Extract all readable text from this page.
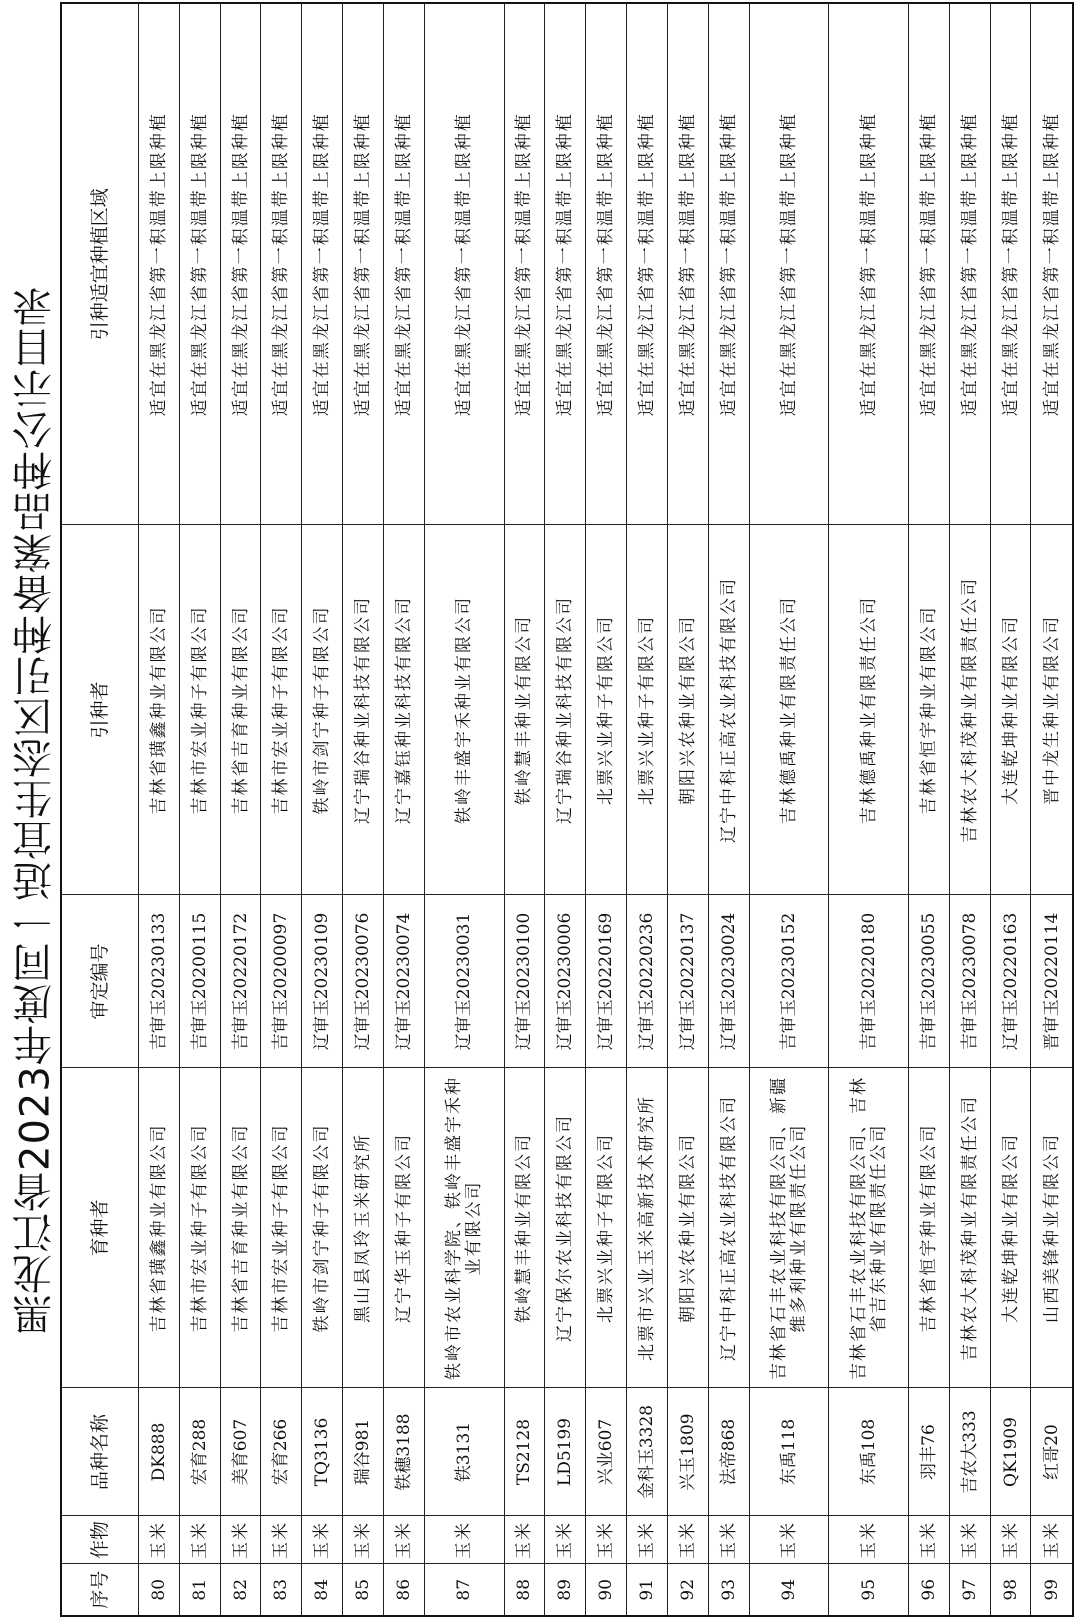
黑龙江省2023年度同一适宜生态区引种备案品种公示目录
序号	作物	品种名称	育种者	审定编号	引种者	引种适宜种植区域
80	玉米	DK888	吉林省璜鑫种业有限公司	吉审玉20230133	吉林省璜鑫种业有限公司	适宜在黑龙江省第一积温带上限种植
81	玉米	宏育288	吉林市宏业种子有限公司	吉审玉20200115	吉林市宏业种子有限公司	适宜在黑龙江省第一积温带上限种植
82	玉米	美育607	吉林省吉育种业有限公司	吉审玉20220172	吉林省吉育种业有限公司	适宜在黑龙江省第一积温带上限种植
83	玉米	宏育266	吉林市宏业种子有限公司	吉审玉20200097	吉林市宏业种子有限公司	适宜在黑龙江省第一积温带上限种植
84	玉米	TQ3136	铁岭市剑宁种子有限公司	辽审玉20230109	铁岭市剑宁种子有限公司	适宜在黑龙江省第一积温带上限种植
85	玉米	瑞谷981	黑山县凤玲玉米研究所	辽审玉20230076	辽宁瑞谷种业科技有限公司	适宜在黑龙江省第一积温带上限种植
86	玉米	铁穗3188	辽宁华玉种子有限公司	辽审玉20230074	辽宁嘉钰种业科技有限公司	适宜在黑龙江省第一积温带上限种植
87	玉米	铁3131	铁岭市农业科学院、铁岭丰盛宇禾种业有限公司	辽审玉20230031	铁岭丰盛宇禾种业有限公司	适宜在黑龙江省第一积温带上限种植
88	玉米	TS2128	铁岭慧丰种业有限公司	辽审玉20230100	铁岭慧丰种业有限公司	适宜在黑龙江省第一积温带上限种植
89	玉米	LD5199	辽宁保尔农业科技有限公司	辽审玉20230006	辽宁瑞谷种业科技有限公司	适宜在黑龙江省第一积温带上限种植
90	玉米	兴业607	北票兴业种子有限公司	辽审玉20220169	北票兴业种子有限公司	适宜在黑龙江省第一积温带上限种植
91	玉米	金科玉3328	北票市兴业玉米高新技术研究所	辽审玉20220236	北票兴业种子有限公司	适宜在黑龙江省第一积温带上限种植
92	玉米	兴玉1809	朝阳兴农种业有限公司	辽审玉20220137	朝阳兴农种业有限公司	适宜在黑龙江省第一积温带上限种植
93	玉米	法帝868	辽宁中科正高农业科技有限公司	辽审玉20230024	辽宁中科正高农业科技有限公司	适宜在黑龙江省第一积温带上限种植
94	玉米	东禹118	吉林省石丰农业科技有限公司、新疆维多利种业有限责任公司	吉审玉20230152	吉林德禹种业有限责任公司	适宜在黑龙江省第一积温带上限种植
95	玉米	东禹108	吉林省石丰农业科技有限公司、吉林省吉东种业有限责任公司	吉审玉20220180	吉林德禹种业有限责任公司	适宜在黑龙江省第一积温带上限种植
96	玉米	羽丰76	吉林省恒宇种业有限公司	吉审玉20230055	吉林省恒宇种业有限公司	适宜在黑龙江省第一积温带上限种植
97	玉米	吉农大333	吉林农大科茂种业有限责任公司	吉审玉20230078	吉林农大科茂种业有限责任公司	适宜在黑龙江省第一积温带上限种植
98	玉米	QK1909	大连乾坤种业有限公司	辽审玉20220163	大连乾坤种业有限公司	适宜在黑龙江省第一积温带上限种植
99	玉米	红哥20	山西美锋种业有限公司	晋审玉20220114	晋中龙生种业有限公司	适宜在黑龙江省第一积温带上限种植
